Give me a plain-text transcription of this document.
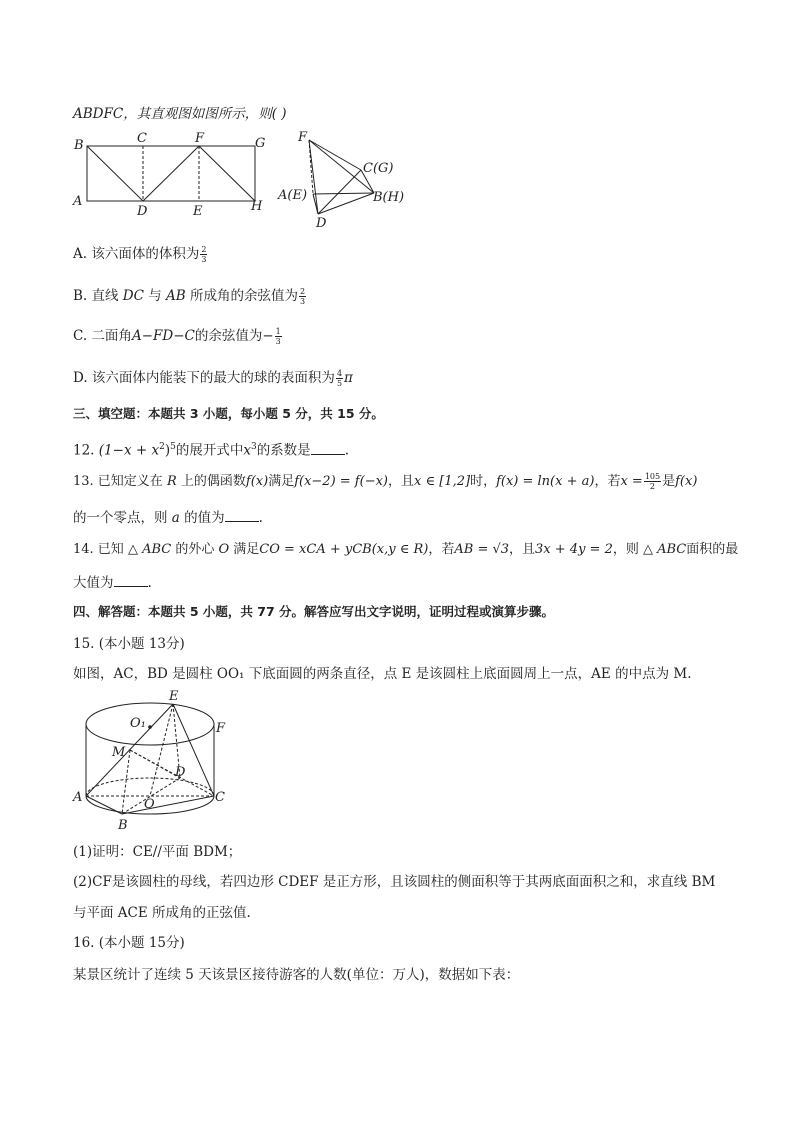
ABDFC，其直观图如图所示，则( )
B	C	F	G
A
D	E	H
F
C(G)
A(E)	B(H)
D
A. 该六面体的体积为 $\frac{2}{3}$
B. 直线 DC 与 AB 所成角的余弦值为 $\frac{2}{3}$
C. 二面角A−FD−C的余弦值为− $\frac{1}{3}$
D. 该六面体内能装下的最大的球的表面积为 $\frac{4}{5}$ π
三、填空题：本题共 3 小题，每小题 5 分，共 15 分。
12. $(1-x + x^2)^5$的展开式中$x^3$的系数是	.
13. 已知定义在 R 上的偶函数f(x)满足f(x−2) = f(−x)，且x ∈ [1,2]时，f(x) = ln(x + a)，若$x = \frac{105}{2}$ 是f(x)
的一个零点，则 a 的值为	.
14. 已知 △ ABC 的外心 O 满足CO = xCA + yCB(x,y ∈ R)，若AB = √3，且3x + 4y = 2，则 △ ABC面积的最
大值为	.
四、解答题：本题共 5 小题，共 77 分。解答应写出文字说明，证明过程或演算步骤。
15. (本小题 13分)
如图，AC，BD 是圆柱 OO₁ 下底面圆的两条直径，点 E 是该圆柱上底面圆周上一点，AE 的中点为 M.
E
O₁	F
M
D
A	C
O
B
(1)证明：CE//平面 BDM；
(2)CF是该圆柱的母线，若四边形 CDEF 是正方形，且该圆柱的侧面积等于其两底面面积之和，求直线 BM
与平面 ACE 所成角的正弦值.
16. (本小题 15分)
某景区统计了连续 5 天该景区接待游客的人数(单位：万人)，数据如下表：
